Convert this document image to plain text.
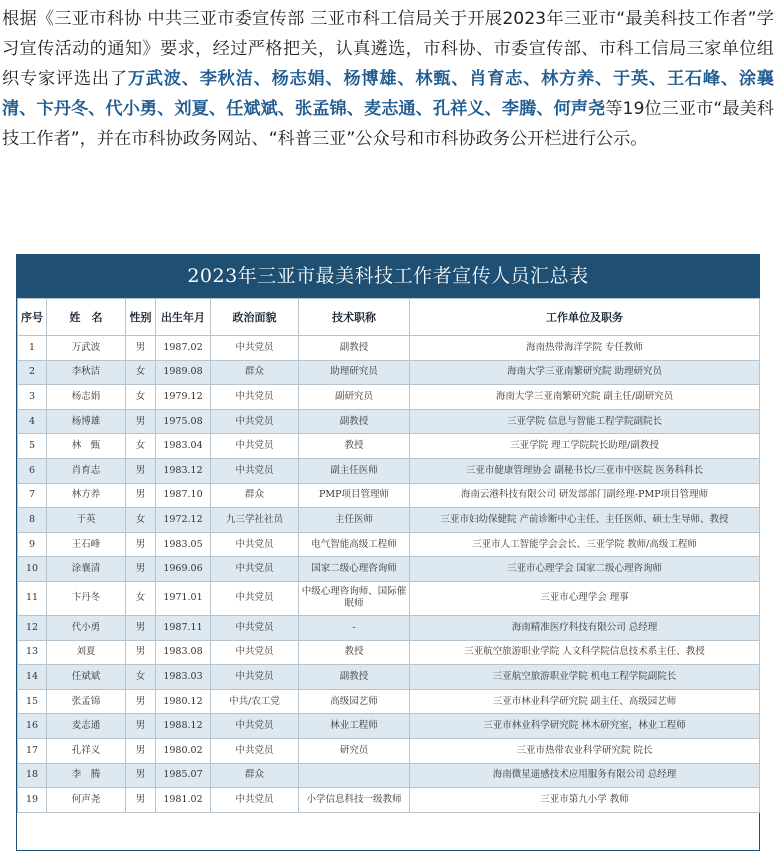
根据《三亚市科协 中共三亚市委宣传部 三亚市科工信局关于开展2023年三亚市“最美科技工作者”学习宣传活动的通知》要求，经过严格把关，认真遴选，市科协、市委宣传部、市科工信局三家单位组织专家评选出了万武波、李秋洁、杨志娟、杨博雄、林甄、肖育志、林方养、于英、王石峰、涂襄清、卞丹冬、代小勇、刘夏、任斌斌、张孟锦、麦志通、孔祥义、李腾、何声尧等19位三亚市“最美科技工作者”，并在市科协政务网站、“科普三亚”公众号和市科协政务公开栏进行公示。

2023年三亚市最美科技工作者宣传人员汇总表
序号	姓　名	性别	出生年月	政治面貌	技术职称	工作单位及职务
1	万武波	男	1987.02	中共党员	副教授	海南热带海洋学院 专任教师
2	李秋洁	女	1989.08	群众	助理研究员	海南大学三亚南繁研究院 助理研究员
3	杨志娟	女	1979.12	中共党员	副研究员	海南大学三亚南繁研究院 副主任/副研究员
4	杨博雄	男	1975.08	中共党员	副教授	三亚学院 信息与智能工程学院副院长
5	林　甄	女	1983.04	中共党员	教授	三亚学院 理工学院院长助理/副教授
6	肖育志	男	1983.12	中共党员	副主任医师	三亚市健康管理协会 副秘书长/三亚市中医院 医务科科长
7	林方养	男	1987.10	群众	PMP项目管理师	海南云港科技有限公司 研发部部门副经理-PMP项目管理师
8	于英	女	1972.12	九三学社社员	主任医师	三亚市妇幼保健院 产前诊断中心主任、主任医师、硕士生导师、教授
9	王石峰	男	1983.05	中共党员	电气智能高级工程师	三亚市人工智能学会会长、三亚学院 教师/高级工程师
10	涂襄清	男	1969.06	中共党员	国家二级心理咨询师	三亚市心理学会 国家二级心理咨询师
11	卞丹冬	女	1971.01	中共党员	中级心理咨询师、国际催眠师	三亚市心理学会 理事
12	代小勇	男	1987.11	中共党员	-	海南精准医疗科技有限公司 总经理
13	刘夏	男	1983.08	中共党员	教授	三亚航空旅游职业学院 人文科学院信息技术系主任、教授
14	任斌斌	女	1983.03	中共党员	副教授	三亚航空旅游职业学院 机电工程学院副院长
15	张孟锦	男	1980.12	中共/农工党	高级园艺师	三亚市林业科学研究院 副主任、高级园艺师
16	麦志通	男	1988.12	中共党员	林业工程师	三亚市林业科学研究院 林木研究室，林业工程师
17	孔祥义	男	1980.02	中共党员	研究员	三亚市热带农业科学研究院 院长
18	李　腾	男	1985.07	群众		海南微星遥感技术应用服务有限公司 总经理
19	何声尧	男	1981.02	中共党员	小学信息科技一级教师	三亚市第九小学 教师
